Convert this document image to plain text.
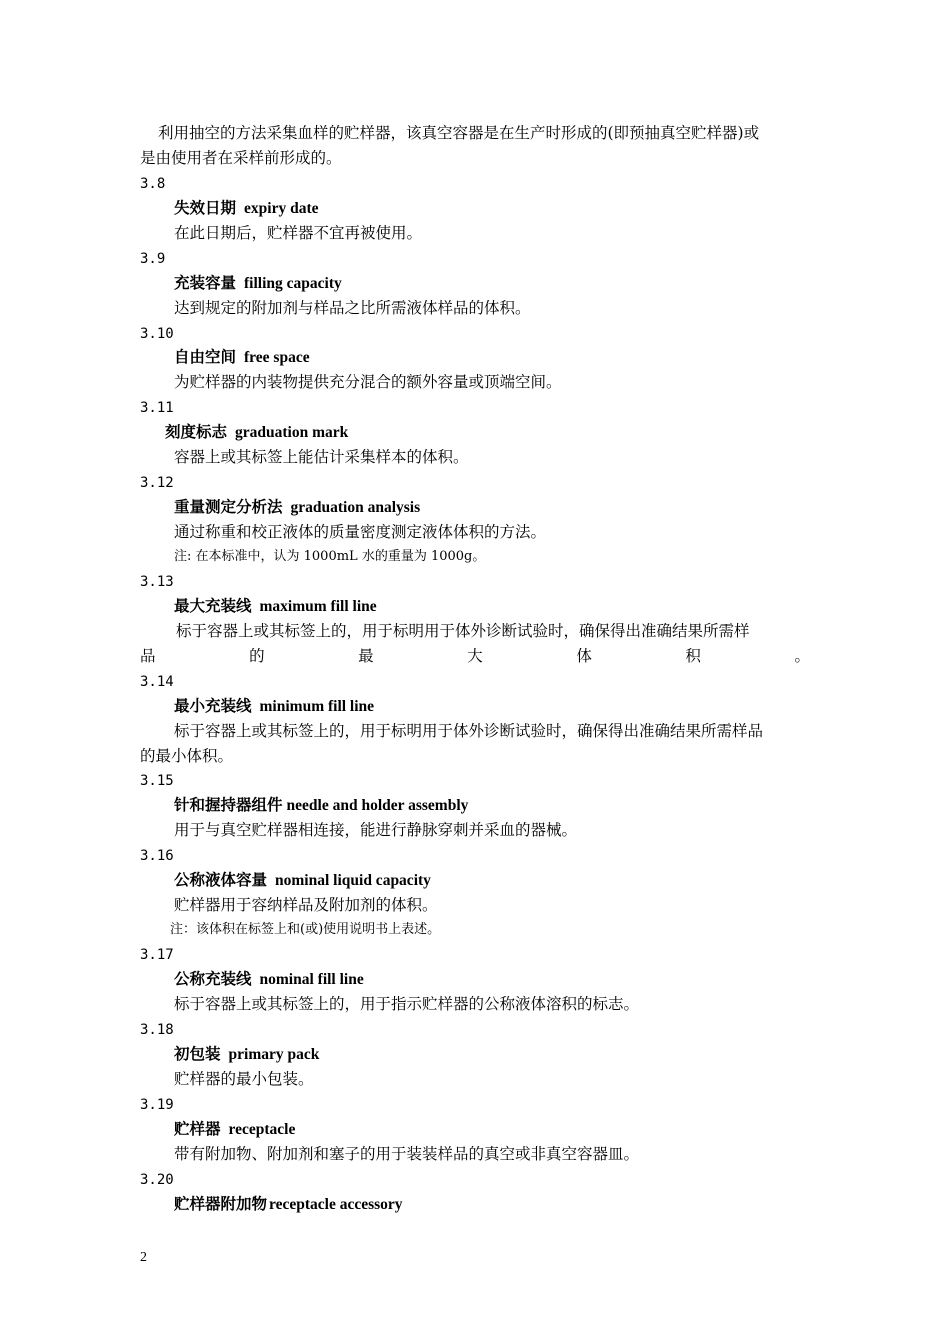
利用抽空的方法采集血样的贮样器，该真空容器是在生产时形成的(即预抽真空贮样器)或
是由使用者在采样前形成的。
3.8
失效日期 expiry date
在此日期后，贮样器不宜再被使用。
3.9
充装容量 filling capacity
达到规定的附加剂与样品之比所需液体样品的体积。
3.10
自由空间 free space
为贮样器的内装物提供充分混合的额外容量或顶端空间。
3.11
刻度标志 graduation mark
容器上或其标签上能估计采集样本的体积。
3.12
重量测定分析法 graduation analysis
通过称重和校正液体的质量密度测定液体体积的方法。
注: 在本标准中，认为 1000mL 水的重量为 1000g。
3.13
最大充装线 maximum fill line
标于容器上或其标签上的，用于标明用于体外诊断试验时，确保得出准确结果所需样
品	的	最	大	体	积	。
3.14
最小充装线 minimum fill line
标于容器上或其标签上的，用于标明用于体外诊断试验时，确保得出准确结果所需样品
的最小体积。
3.15
针和握持器组件 needle and holder assembly
用于与真空贮样器相连接，能进行静脉穿刺并采血的器械。
3.16
公称液体容量 nominal liquid capacity
贮样器用于容纳样品及附加剂的体积。
注：该体积在标签上和(或)使用说明书上表述。
3.17
公称充装线 nominal fill line
标于容器上或其标签上的，用于指示贮样器的公称液体溶积的标志。
3.18
初包装 primary pack
贮样器的最小包装。
3.19
贮样器 receptacle
带有附加物、附加剂和塞子的用于装装样品的真空或非真空容器皿。
3.20
贮样器附加物 receptacle accessory
2
